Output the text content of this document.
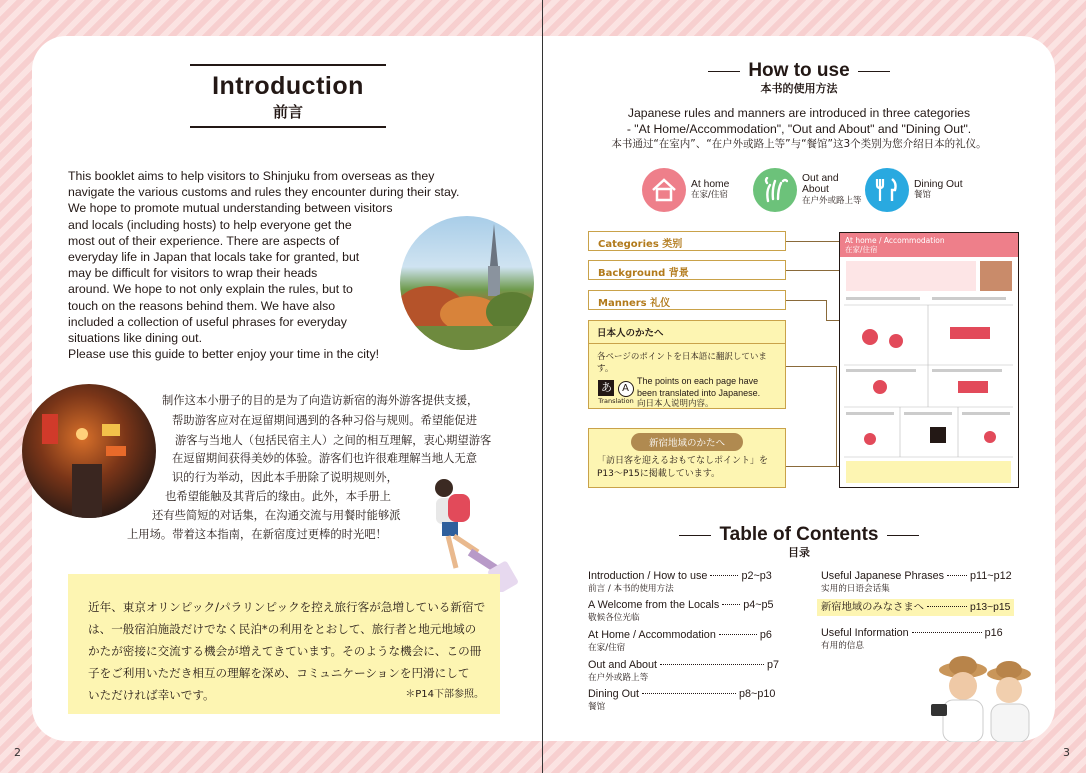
2	3
Introduction
前言
This booklet aims to help visitors to Shinjuku from overseas as they
navigate the various customs and rules they encounter during their stay.
We hope to promote mutual understanding between visitors
and locals (including hosts) to help everyone get the
most out of their experience. There are aspects of
everyday life in Japan that locals take for granted, but
may be difficult for visitors to wrap their heads
around. We hope to not only explain the rules, but to
touch on the reasons behind them. We have also
included a collection of useful phrases for everyday
situations like dining out.
Please use this guide to better enjoy your time in the city!
制作这本小册子的目的是为了向造访新宿的海外游客提供支援，
帮助游客应对在逗留期间遇到的各种习俗与规则。希望能促进
游客与当地人（包括民宿主人）之间的相互理解，衷心期望游客
在逗留期间获得美妙的体验。游客们也许很难理解当地人无意
识的行为举动，因此本手册除了说明规则外，
也希望能触及其背后的缘由。此外，本手册上
还有些简短的对话集，在沟通交流与用餐时能够派
上用场。带着这本指南，在新宿度过更棒的时光吧！
近年、東京オリンピック/パラリンピックを控え旅行客が急増している新宿で
は、一般宿泊施設だけでなく民泊*の利用をとおして、旅行者と地元地域の
かたが密接に交流する機会が増えてきています。そのような機会に、この冊
子をご利用いただき相互の理解を深め、コミュニケーションを円滑にして
いただければ幸いです。	＊P14下部参照。
How to use
本书的使用方法
Japanese rules and manners are introduced in three categories
- "At Home/Accommodation", "Out and About" and "Dining Out".
本书通过“在室内”、“在户外或路上等”与“餐馆”这3个类别为您介绍日本的礼仪。
At home
在家/住宿
Out and
About
在户外或路上等
Dining Out
餐馆
Categories 类别
Background 背景
Manners 礼仪
日本人のかたへ
各ページのポイントを日本語に翻訳しています。
あ A
Translation
The points on each page have
been translated into Japanese.
向日本人说明内容。
新宿地域のかたへ
「訪日客を迎えるおもてなしポイント」を
P13〜P15に掲載しています。
At home / Accommodation
在家/住宿
Table of Contents
目录
Introduction / How to use	p2~p3
前言 / 本书的使用方法
A Welcome from the Locals p4~p5
敬候各位光临
At Home / Accommodation	p6
在家/住宿
Out and About	p7
在户外或路上等
Dining Out	p8~p10
餐馆
Useful Japanese Phrases p11~p12
实用的日语会话集
新宿地域のみなさまへ	p13~p15
Useful Information	p16
有用的信息
